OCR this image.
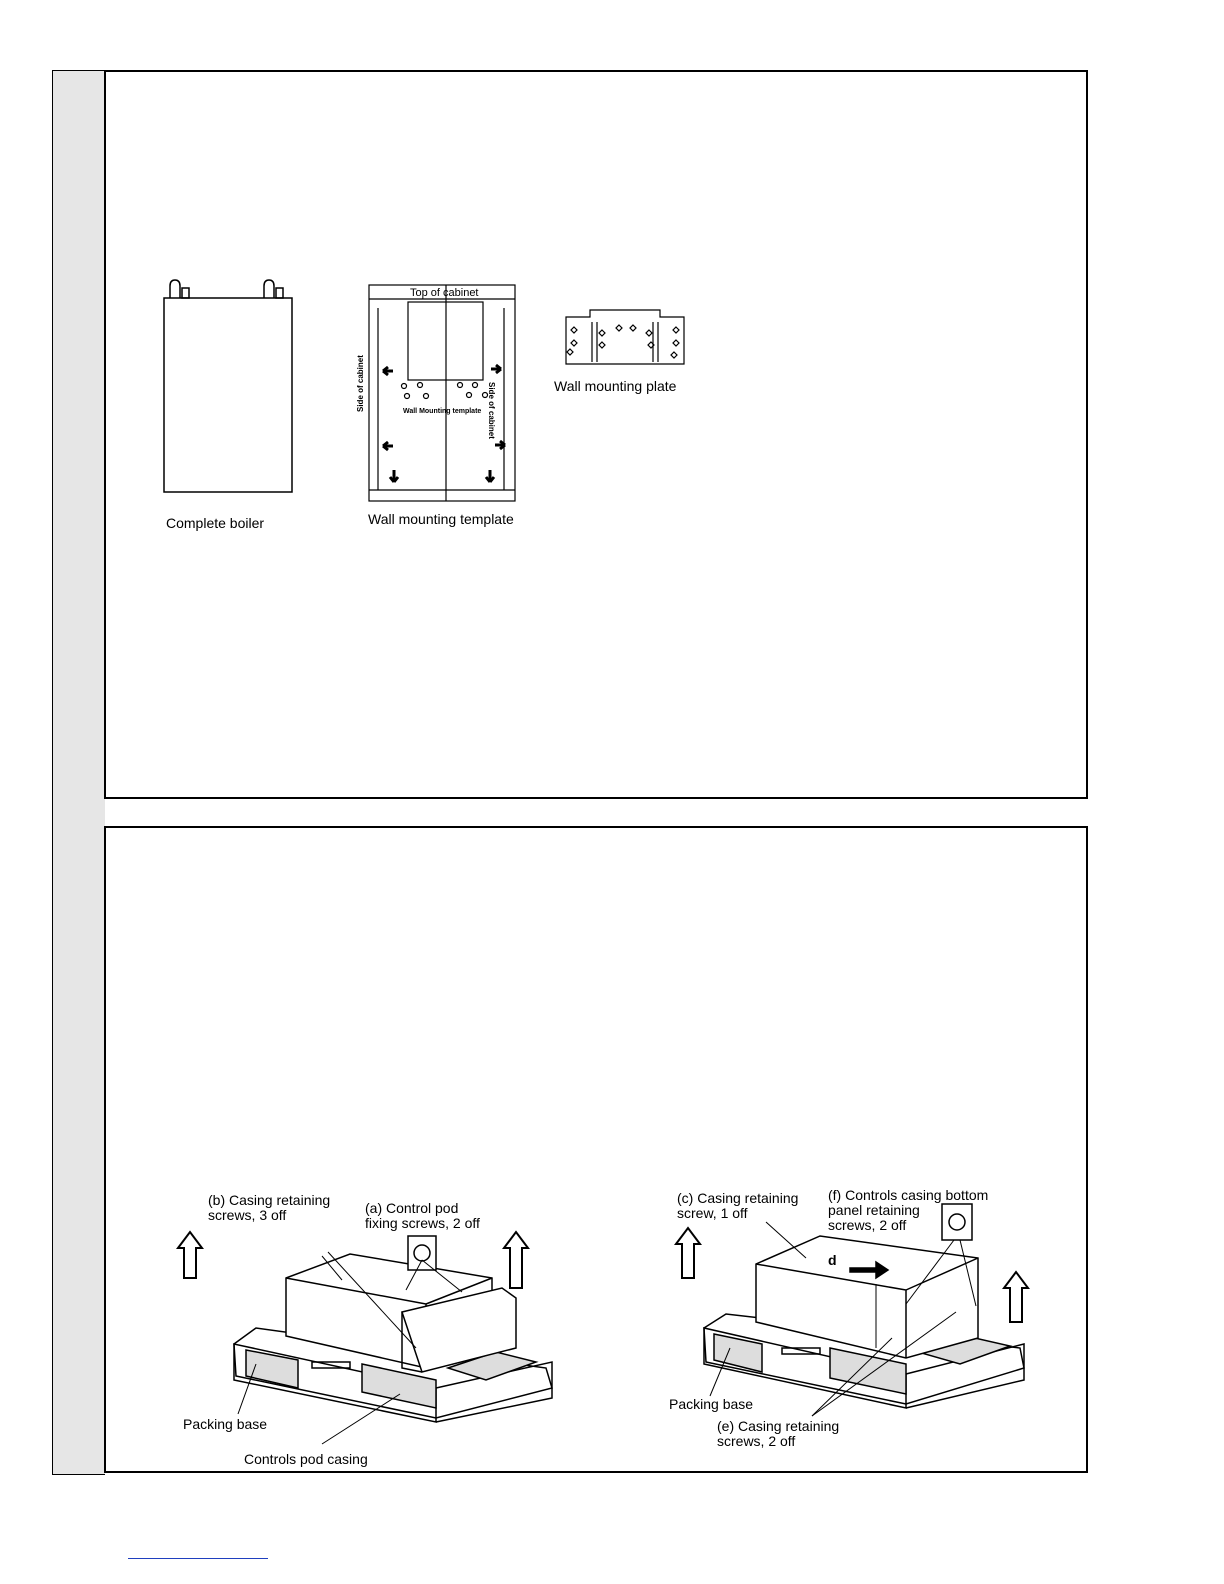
Complete boiler	Wall mounting template
Wall mounting plate
Top of cabinet
Side of cabinet	Side of cabinet
Wall Mounting template
(b) Casing retaining
screws, 3 off	(a) Control pod
fixing screws, 2 off
Packing base
Controls pod casing
(c) Casing retaining
screw, 1 off
(f) Controls casing bottom
panel retaining
screws, 2 off
d
Packing base
(e) Casing retaining
screws, 2 off
